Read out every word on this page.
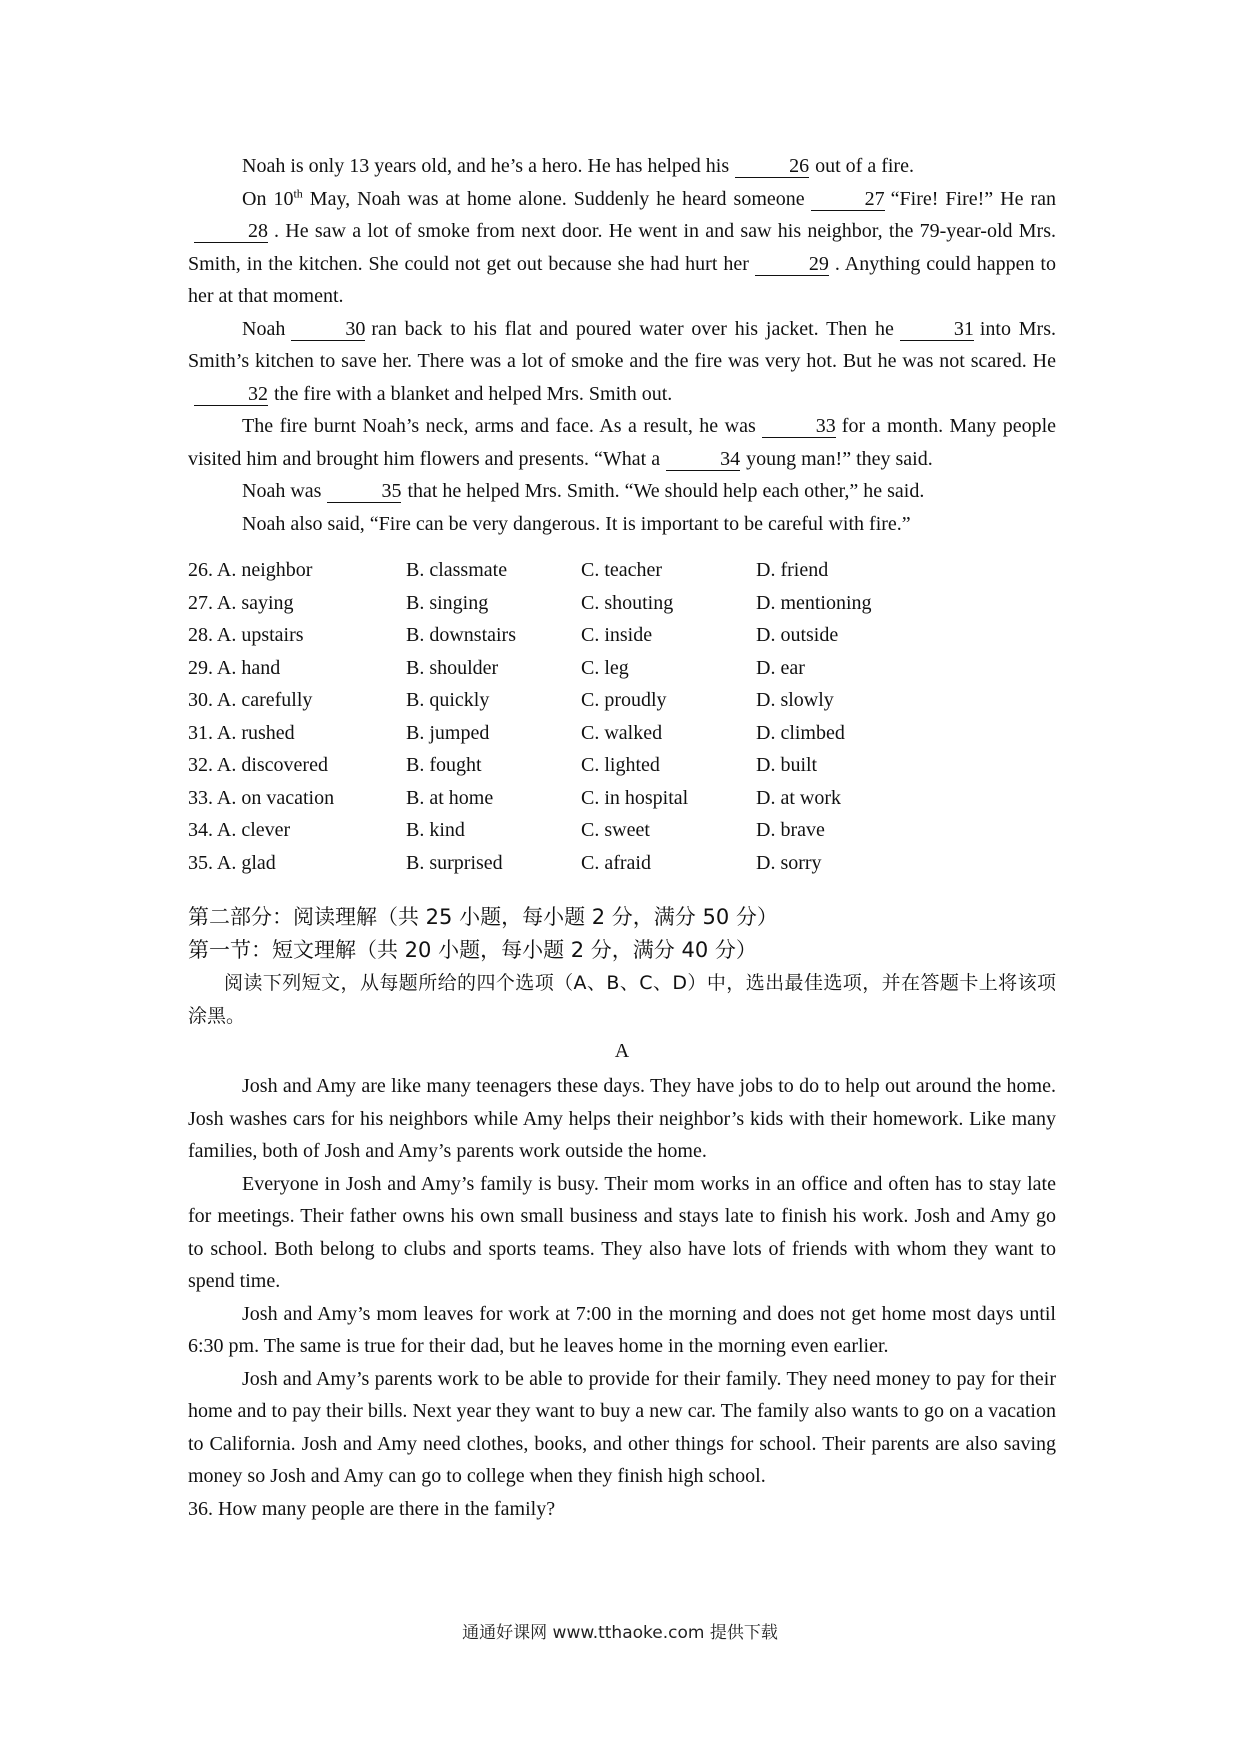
Noah is only 13 years old, and he’s a hero. He has helped his	26 out of a fire.

On 10th May, Noah was at home alone. Suddenly he heard someone	27 “Fire! Fire!” He ran28 . He saw a lot of smoke from next door. He went in and saw his neighbor, the 79-year-old Mrs. Smith, in the kitchen. She could not get out because she had hurt her	29 . Anything could happen to her at that moment.

Noah	30 ran back to his flat and poured water over his jacket. Then he	31 into Mrs. Smith’s kitchen to save her. There was a lot of smoke and the fire was very hot. But he was not scared. He32 the fire with a blanket and helped Mrs. Smith out.

The fire burnt Noah’s neck, arms and face. As a result, he was	33 for a month. Many people visited him and brought him flowers and presents. “What a	34 young man!” they said.

Noah was	35 that he helped Mrs. Smith. “We should help each other,” he said.

Noah also said, “Fire can be very dangerous. It is important to be careful with fire.”

26. A. neighbor	B. classmate	C. teacher	D. friend
27. A. saying	B. singing	C. shouting	D. mentioning
28. A. upstairs	B. downstairs	C. inside	D. outside
29. A. hand	B. shoulder	C. leg	D. ear
30. A. carefully	B. quickly	C. proudly	D. slowly
31. A. rushed	B. jumped	C. walked	D. climbed
32. A. discovered	B. fought	C. lighted	D. built
33. A. on vacation	B. at home	C. in hospital	D. at work
34. A. clever	B. kind	C. sweet	D. brave
35. A. glad	B. surprised	C. afraid	D. sorry
第二部分：阅读理解（共 25 小题，每小题 2 分，满分 50 分）
第一节：短文理解（共 20 小题，每小题 2 分，满分 40 分）
阅读下列短文，从每题所给的四个选项（A、B、C、D）中，选出最佳选项，并在答题卡上将该项涂黑。
A

Josh and Amy are like many teenagers these days. They have jobs to do to help out around the home. Josh washes cars for his neighbors while Amy helps their neighbor’s kids with their homework. Like many families, both of Josh and Amy’s parents work outside the home.

Everyone in Josh and Amy’s family is busy. Their mom works in an office and often has to stay late for meetings. Their father owns his own small business and stays late to finish his work. Josh and Amy go to school. Both belong to clubs and sports teams. They also have lots of friends with whom they want to spend time.

Josh and Amy’s mom leaves for work at 7:00 in the morning and does not get home most days until 6:30 pm. The same is true for their dad, but he leaves home in the morning even earlier.

Josh and Amy’s parents work to be able to provide for their family. They need money to pay for their home and to pay their bills. Next year they want to buy a new car. The family also wants to go on a vacation to California. Josh and Amy need clothes, books, and other things for school. Their parents are also saving money so Josh and Amy can go to college when they finish high school.

36. How many people are there in the family?
通通好课网 www.tthaoke.com 提供下载
